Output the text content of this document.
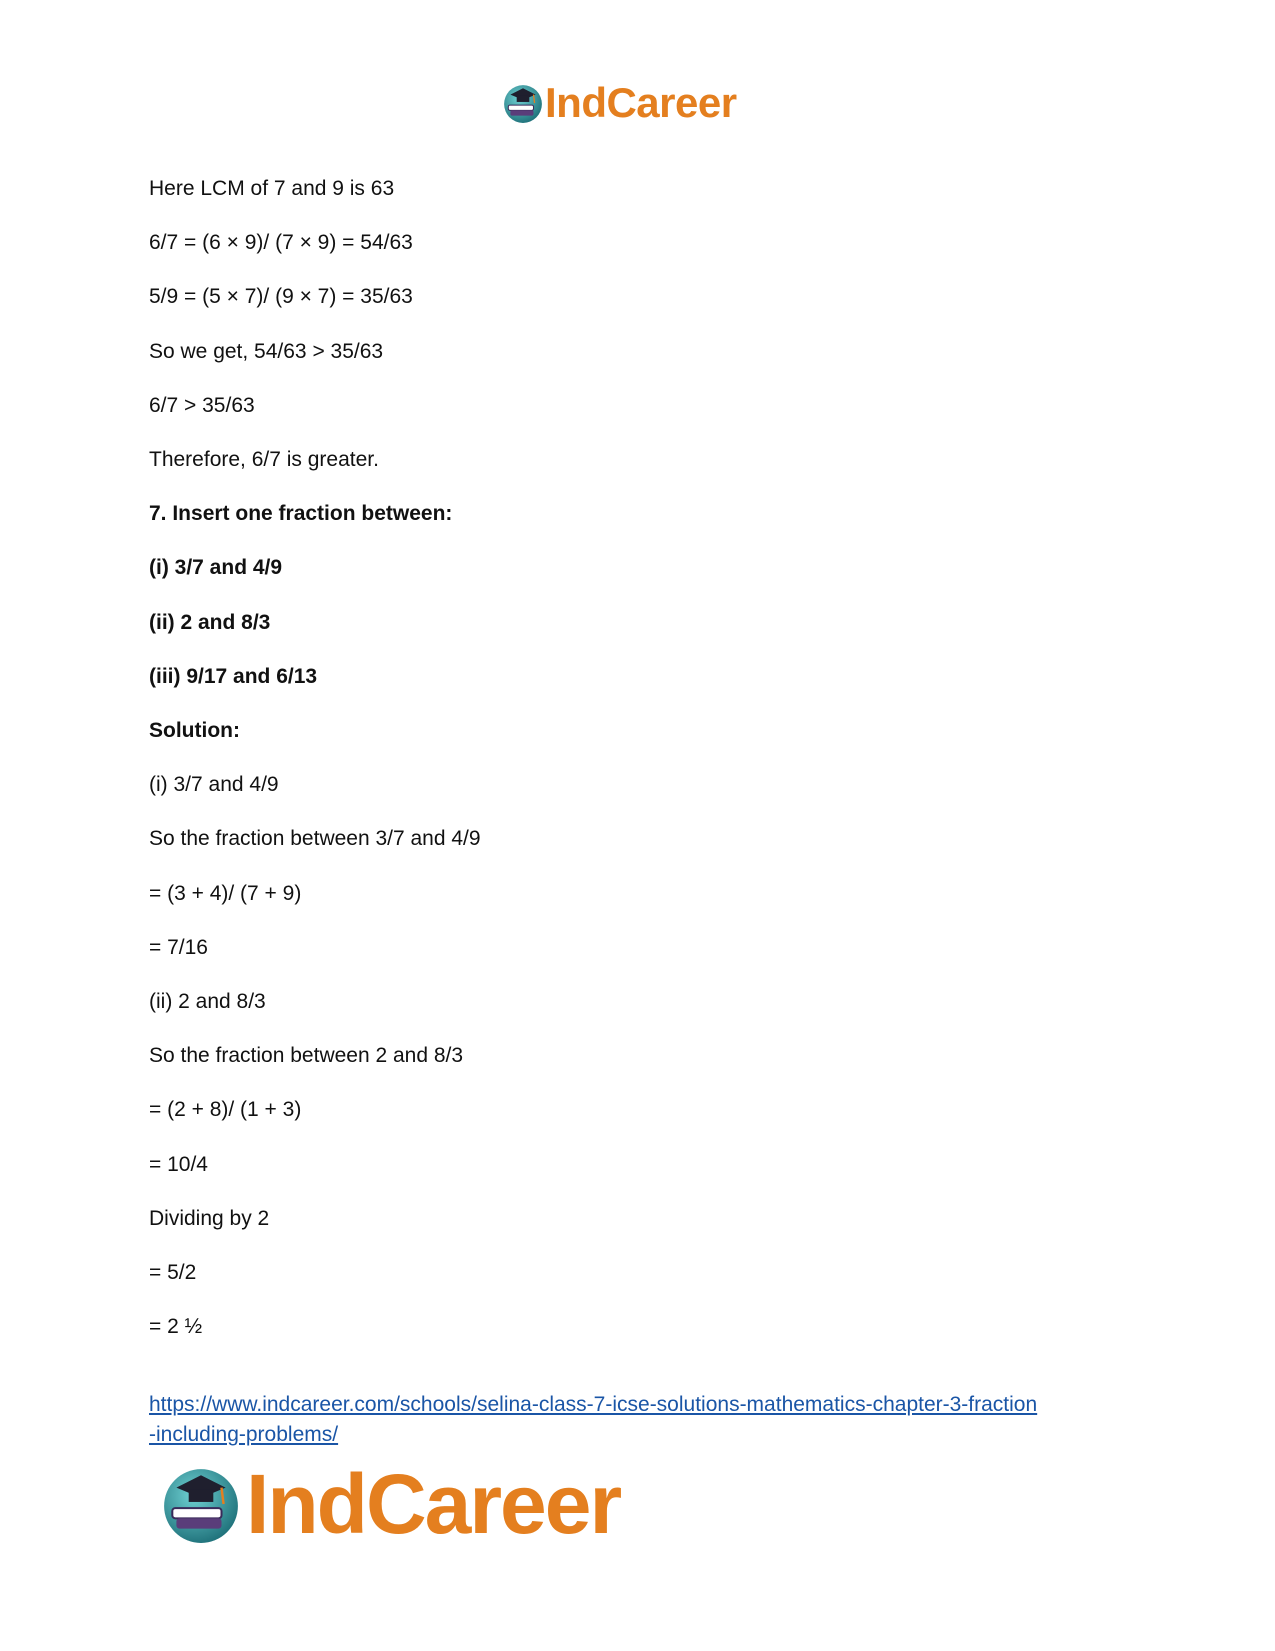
IndCareer
Here LCM of 7 and 9 is 63
6/7 = (6 × 9)/ (7 × 9) = 54/63
5/9 = (5 × 7)/ (9 × 7) = 35/63
So we get, 54/63 > 35/63
6/7 > 35/63
Therefore, 6/7 is greater.
7. Insert one fraction between:
(i) 3/7 and 4/9
(ii) 2 and 8/3
(iii) 9/17 and 6/13
Solution:
(i) 3/7 and 4/9
So the fraction between 3/7 and 4/9
= (3 + 4)/ (7 + 9)
= 7/16
(ii) 2 and 8/3
So the fraction between 2 and 8/3
= (2 + 8)/ (1 + 3)
= 10/4
Dividing by 2
= 5/2
= 2 ½
https://www.indcareer.com/schools/selina-class-7-icse-solutions-mathematics-chapter-3-fraction
-including-problems/
IndCareer
